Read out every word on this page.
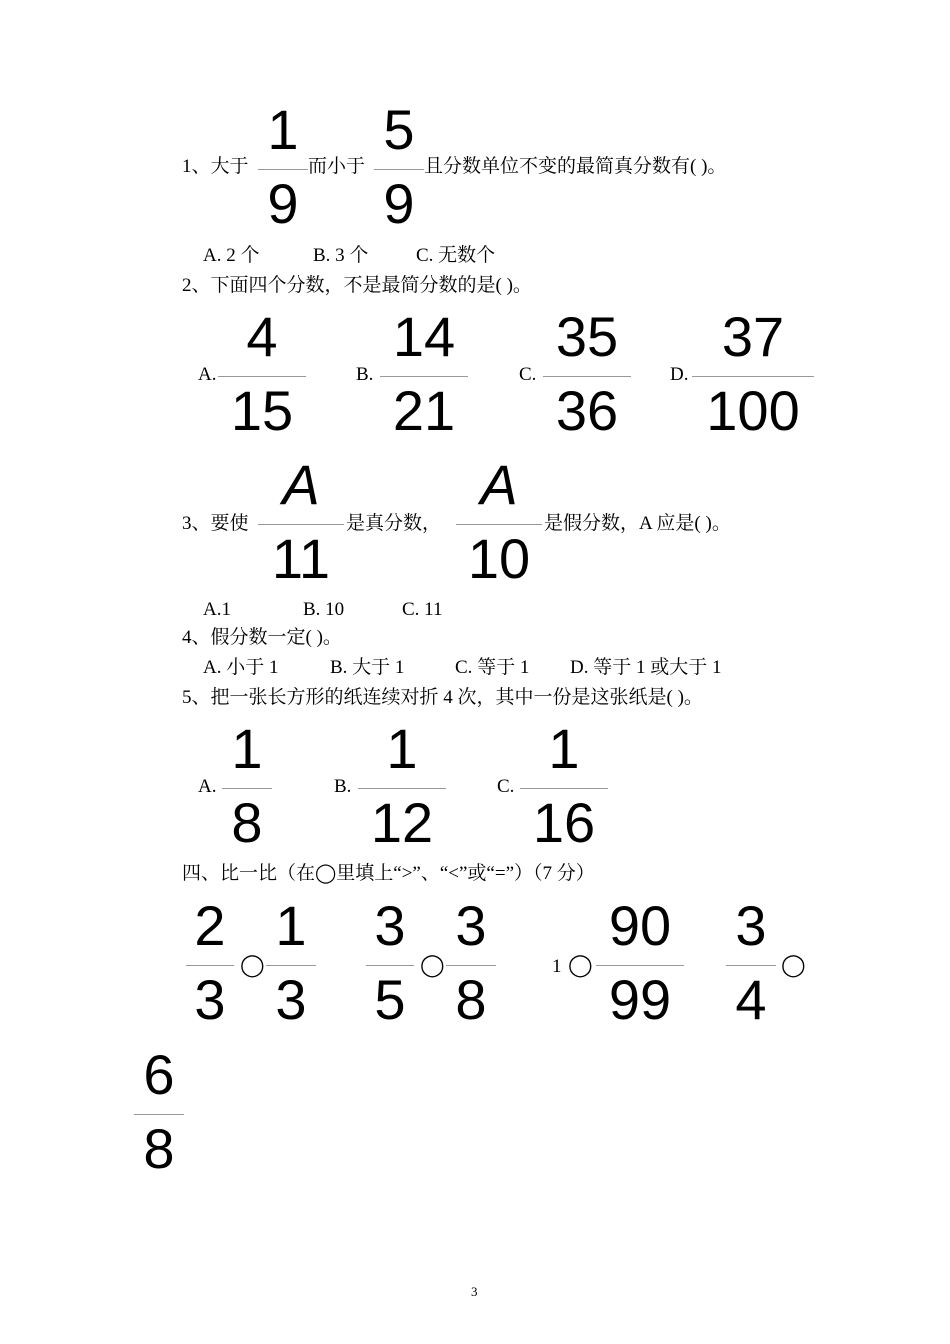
1、大于
1
9
而小于
5
9
且分数单位不变的最简真分数有( )。
A. 2 个	B. 3 个	C. 无数个
2、下面四个分数，不是最简分数的是( )。
A.
4
15
B.
14
21
C.
35
36
D.
37
100
3、要使
A
11
是真分数，
A
10
是假分数，A 应是( )。
A.1	B. 10	C. 11
4、假分数一定( )。
A. 小于 1	B. 大于 1	C. 等于 1 D. 等于 1 或大于 1
5、把一张长方形的纸连续对折 4 次，其中一份是这张纸是( )。
A.
1
8
B.
1
12
C.
1
16
四、比一比（在◯里填上“>”、“<”或“=”）（7 分）
2
3
◯
1
3
3
5
◯
3
8
1 ◯
90
99
3
4
◯
6
8
3
